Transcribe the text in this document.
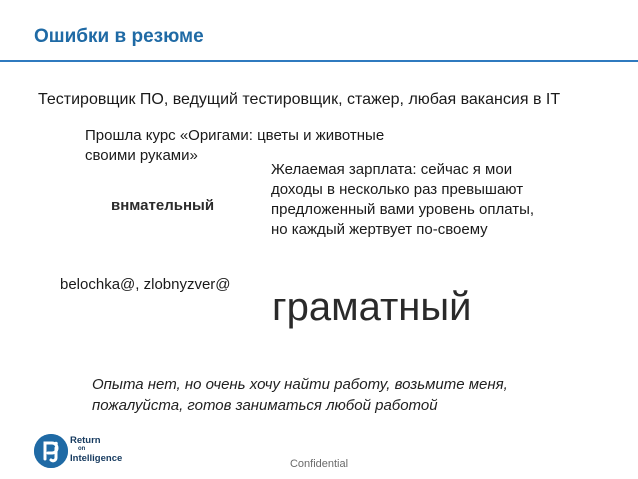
Ошибки в резюме
Тестировщик ПО, ведущий тестировщик, стажер, любая вакансия в IT
Прошла курс «Оригами: цветы и животные своими руками»
Желаемая зарплата: сейчас я мои доходы в несколько раз превышают предложенный вами уровень оплаты, но каждый жертвует по-своему
внмательный
belochka@, zlobnyzver@
граматный
Опыта нет, но очень хочу найти работу, возьмите меня, пожалуйста, готов заниматься любой работой
Return
on
Intelligence	Confidential
